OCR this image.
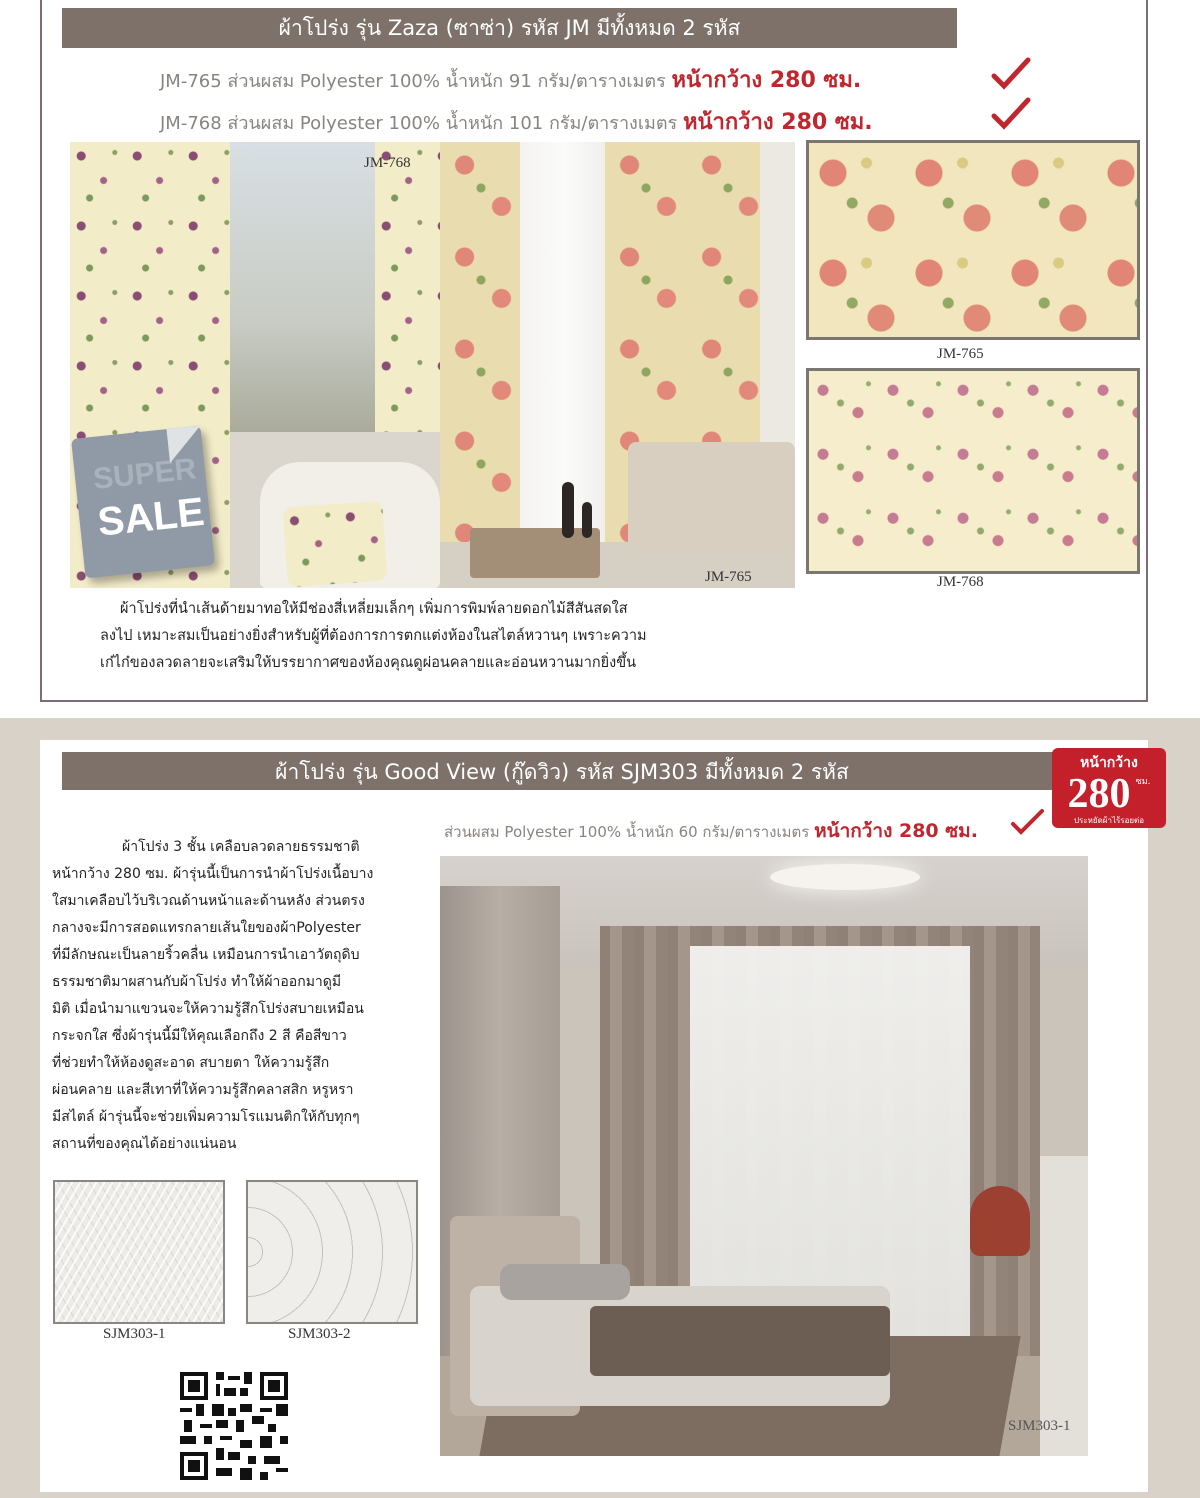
ผ้าโปร่ง รุ่น Zaza (ซาซ่า) รหัส JM มีทั้งหมด 2 รหัส
JM-765 ส่วนผสม Polyester 100% น้ำหนัก 91 กรัม/ตารางเมตร หน้ากว้าง 280 ซม.
JM-768 ส่วนผสม Polyester 100% น้ำหนัก 101 กรัม/ตารางเมตร หน้ากว้าง 280 ซม.
JM-768
SUPER
SALE
JM-765
JM-765
JM-768
ผ้าโปร่งที่นำเส้นด้ายมาทอให้มีช่องสี่เหลี่ยมเล็กๆ เพิ่มการพิมพ์ลายดอกไม้สีสันสดใส
ลงไป เหมาะสมเป็นอย่างยิ่งสำหรับผู้ที่ต้องการการตกแต่งห้องในสไตล์หวานๆ เพราะความ
เก๋ไก๋ของลวดลายจะเสริมให้บรรยากาศของห้องคุณดูผ่อนคลายและอ่อนหวานมากยิ่งขึ้น
ผ้าโปร่ง รุ่น Good View (กู๊ดวิว) รหัส SJM303 มีทั้งหมด 2 รหัส	หน้ากว้าง
280 $^{ซม.}$
ประหยัดผ้าไร้รอยต่อ
ส่วนผสม Polyester 100% น้ำหนัก 60 กรัม/ตารางเมตร หน้ากว้าง 280 ซม.
ผ้าโปร่ง 3 ชั้น เคลือบลวดลายธรรมชาติ
หน้ากว้าง 280 ซม. ผ้ารุ่นนี้เป็นการนำผ้าโปร่งเนื้อบาง
ใสมาเคลือบไว้บริเวณด้านหน้าและด้านหลัง ส่วนตรง
กลางจะมีการสอดแทรกลายเส้นใยของผ้าPolyester
ที่มีลักษณะเป็นลายริ้วคลื่น เหมือนการนำเอาวัตถุดิบ
ธรรมชาติมาผสานกับผ้าโปร่ง ทำให้ผ้าออกมาดูมี
มิติ เมื่อนำมาแขวนจะให้ความรู้สึกโปร่งสบายเหมือน
กระจกใส ซึ่งผ้ารุ่นนี้มีให้คุณเลือกถึง 2 สี คือสีขาว
ที่ช่วยทำให้ห้องดูสะอาด สบายตา ให้ความรู้สึก
ผ่อนคลาย และสีเทาที่ให้ความรู้สึกคลาสสิก หรูหรา
มีสไตล์ ผ้ารุ่นนี้จะช่วยเพิ่มความโรแมนติกให้กับทุกๆ
สถานที่ของคุณได้อย่างแน่นอน
SJM303-1	SJM303-2
SJM303-1
